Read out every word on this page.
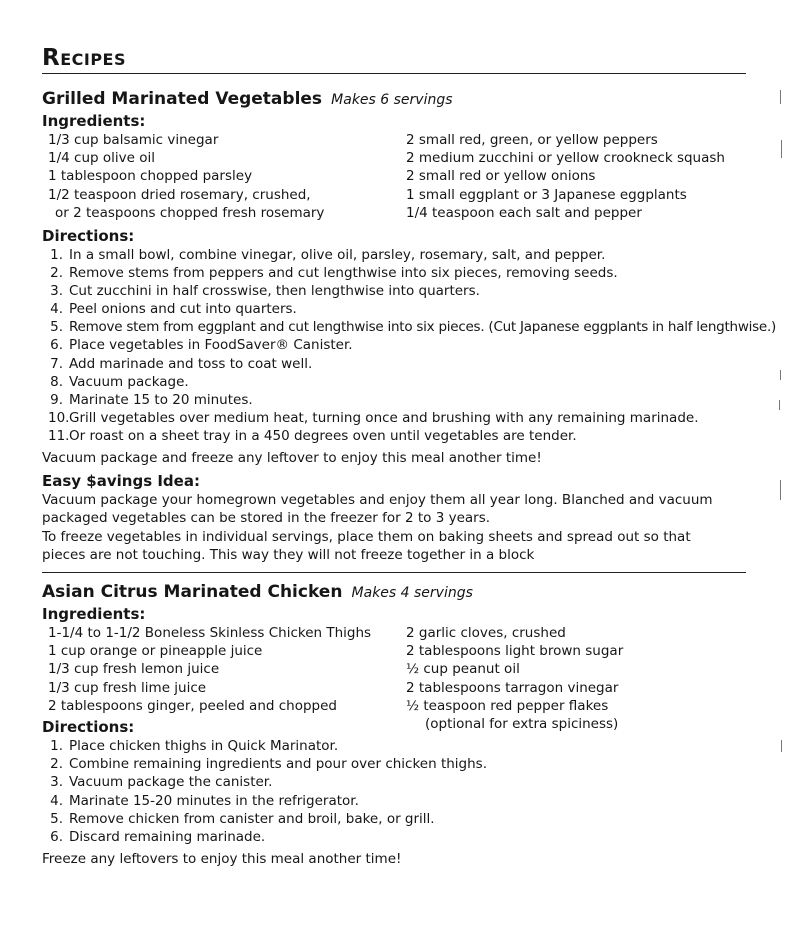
Recipes
Grilled Marinated Vegetables Makes 6 servings
Ingredients:
1/3 cup balsamic vinegar
1/4 cup olive oil
1 tablespoon chopped parsley
1/2 teaspoon dried rosemary, crushed,
or 2 teaspoons chopped fresh rosemary
2 small red, green, or yellow peppers
2 medium zucchini or yellow crookneck squash
2 small red or yellow onions
1 small eggplant or 3 Japanese eggplants
1/4 teaspoon each salt and pepper
Directions:
1. In a small bowl, combine vinegar, olive oil, parsley, rosemary, salt, and pepper.
2. Remove stems from peppers and cut lengthwise into six pieces, removing seeds.
3. Cut zucchini in half crosswise, then lengthwise into quarters.
4. Peel onions and cut into quarters.
5. Remove stem from eggplant and cut lengthwise into six pieces. (Cut Japanese eggplants in half lengthwise.)
6. Place vegetables in FoodSaver® Canister.
7. Add marinade and toss to coat well.
8. Vacuum package.
9. Marinate 15 to 20 minutes.
10.Grill vegetables over medium heat, turning once and brushing with any remaining marinade.
11.Or roast on a sheet tray in a 450 degrees oven until vegetables are tender.

Vacuum package and freeze any leftover to enjoy this meal another time!

Easy $avings Idea:

Vacuum package your homegrown vegetables and enjoy them all year long. Blanched and vacuum
packaged vegetables can be stored in the freezer for 2 to 3 years.
To freeze vegetables in individual servings, place them on baking sheets and spread out so that
pieces are not touching. This way they will not freeze together in a block

Asian Citrus Marinated Chicken Makes 4 servings
Ingredients:
1-1/4 to 1-1/2 Boneless Skinless Chicken Thighs
1 cup orange or pineapple juice
1/3 cup fresh lemon juice
1/3 cup fresh lime juice
2 tablespoons ginger, peeled and chopped
2 garlic cloves, crushed
2 tablespoons light brown sugar
½ cup peanut oil
2 tablespoons tarragon vinegar
½ teaspoon red pepper flakes
(optional for extra spiciness)
Directions:
1. Place chicken thighs in Quick Marinator.
2. Combine remaining ingredients and pour over chicken thighs.
3. Vacuum package the canister.
4. Marinate 15-20 minutes in the refrigerator.
5. Remove chicken from canister and broil, bake, or grill.
6. Discard remaining marinade.

Freeze any leftovers to enjoy this meal another time!
